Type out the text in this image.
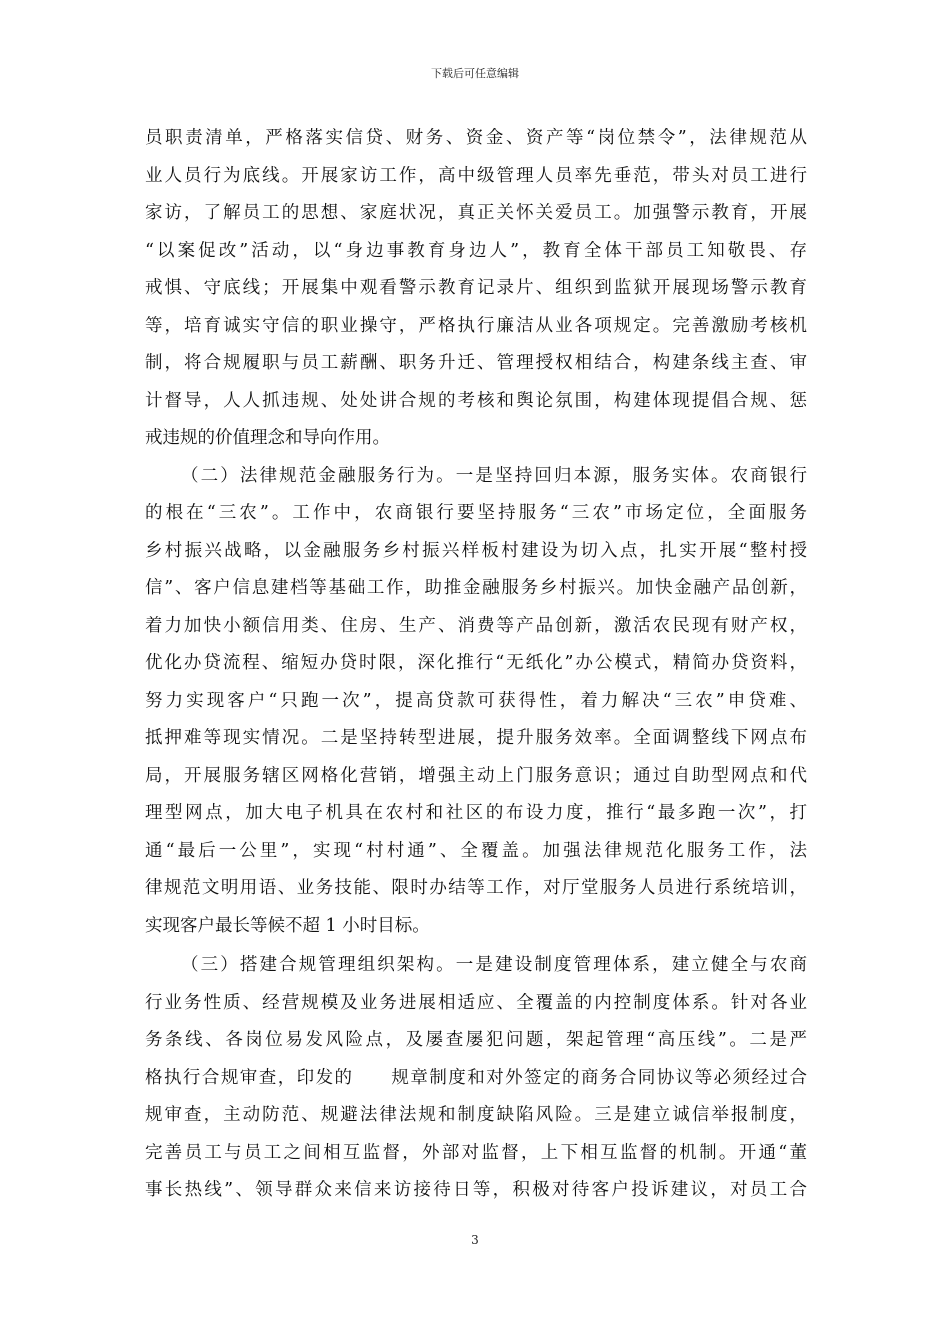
下载后可任意编辑
员职责清单，严格落实信贷、财务、资金、资产等“岗位禁令”，法律规范从
业人员行为底线。开展家访工作，高中级管理人员率先垂范，带头对员工进行
家访，了解员工的思想、家庭状况，真正关怀关爱员工。加强警示教育，开展
“以案促改”活动，以“身边事教育身边人”，教育全体干部员工知敬畏、存
戒惧、守底线；开展集中观看警示教育记录片、组织到监狱开展现场警示教育
等，培育诚实守信的职业操守，严格执行廉洁从业各项规定。完善激励考核机
制，将合规履职与员工薪酬、职务升迁、管理授权相结合，构建条线主查、审
计督导，人人抓违规、处处讲合规的考核和舆论氛围，构建体现提倡合规、惩
戒违规的价值理念和导向作用。
（二）法律规范金融服务行为。一是坚持回归本源，服务实体。农商银行
的根在“三农”。工作中，农商银行要坚持服务“三农”市场定位，全面服务
乡村振兴战略，以金融服务乡村振兴样板村建设为切入点，扎实开展“整村授
信”、客户信息建档等基础工作，助推金融服务乡村振兴。加快金融产品创新，
着力加快小额信用类、住房、生产、消费等产品创新，激活农民现有财产权，
优化办贷流程、缩短办贷时限，深化推行“无纸化”办公模式，精简办贷资料，
努力实现客户“只跑一次”，提高贷款可获得性，着力解决“三农”申贷难、
抵押难等现实情况。二是坚持转型进展，提升服务效率。全面调整线下网点布
局，开展服务辖区网格化营销，增强主动上门服务意识；通过自助型网点和代
理型网点，加大电子机具在农村和社区的布设力度，推行“最多跑一次”，打
通“最后一公里”，实现“村村通”、全覆盖。加强法律规范化服务工作，法
律规范文明用语、业务技能、限时办结等工作，对厅堂服务人员进行系统培训，
实现客户最长等候不超 1 小时目标。
（三）搭建合规管理组织架构。一是建设制度管理体系，建立健全与农商
行业务性质、经营规模及业务进展相适应、全覆盖的内控制度体系。针对各业
务条线、各岗位易发风险点，及屡查屡犯问题，架起管理“高压线”。二是严
格执行合规审查，印发的　　规章制度和对外签定的商务合同协议等必须经过合
规审查，主动防范、规避法律法规和制度缺陷风险。三是建立诚信举报制度，
完善员工与员工之间相互监督，外部对监督，上下相互监督的机制。开通“董
事长热线”、领导群众来信来访接待日等，积极对待客户投诉建议，对员工合
3
